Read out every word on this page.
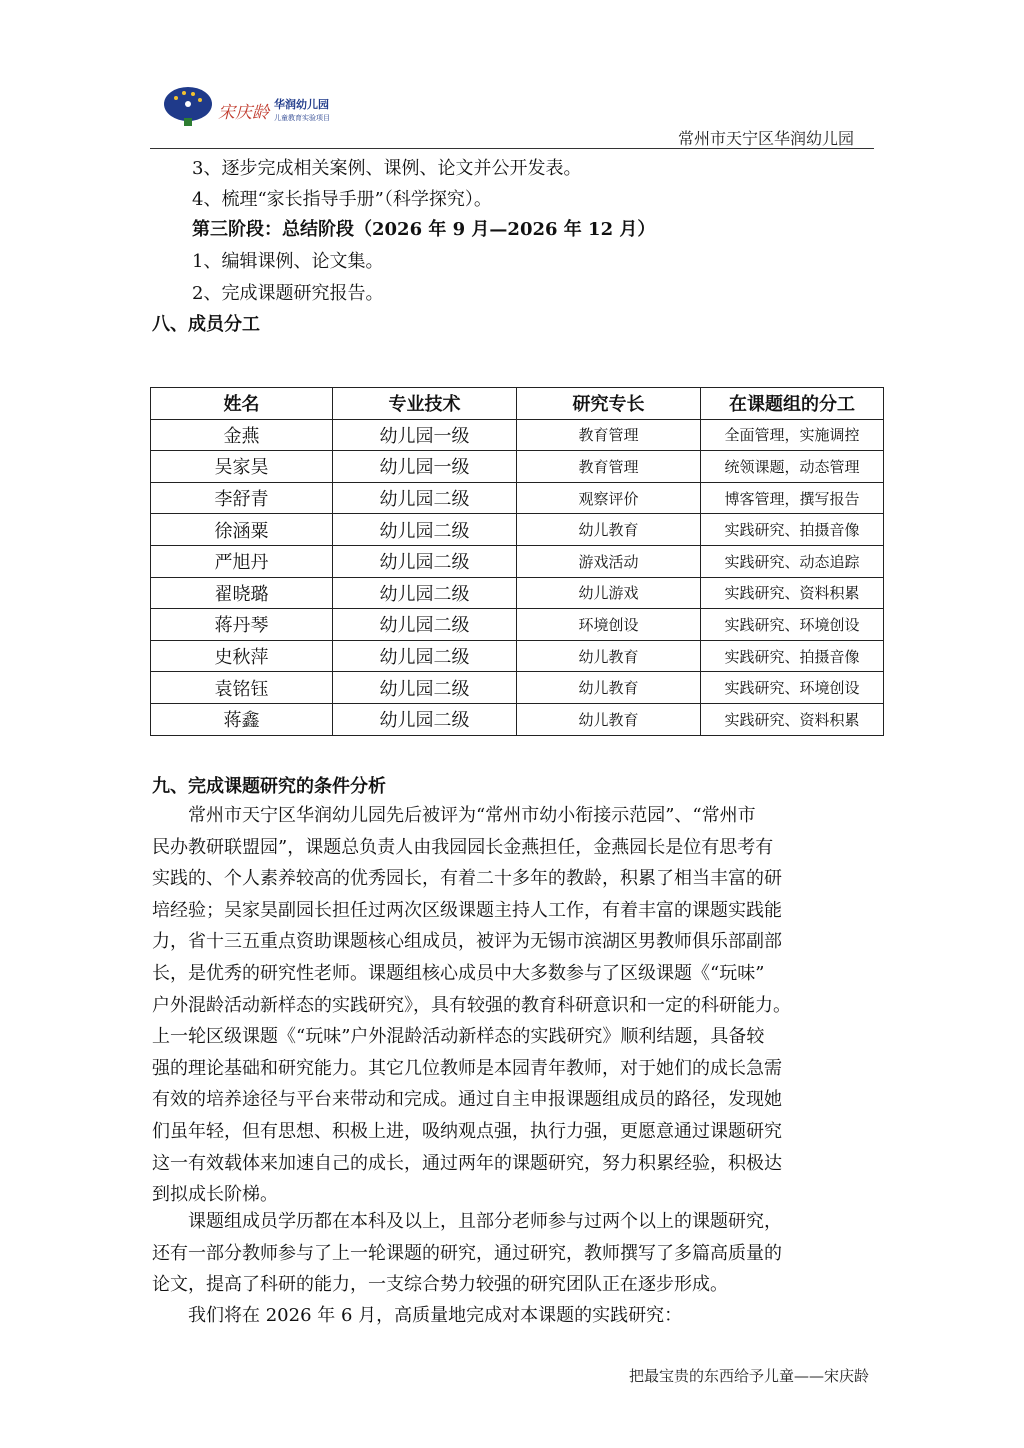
宋庆龄 华润幼儿园
儿童教育实验项目
常州市天宁区华润幼儿园
3、逐步完成相关案例、课例、论文并公开发表。
4、梳理“家长指导手册”（科学探究）。
第三阶段：总结阶段（2026 年 9 月—2026 年 12 月）
1、编辑课例、论文集。
2、完成课题研究报告。
八、成员分工
姓名	专业技术	研究专长	在课题组的分工
金燕	幼儿园一级	教育管理	全面管理，实施调控
吴家昊	幼儿园一级	教育管理	统领课题，动态管理
李舒青	幼儿园二级	观察评价	博客管理，撰写报告
徐涵粟	幼儿园二级	幼儿教育	实践研究、拍摄音像
严旭丹	幼儿园二级	游戏活动	实践研究、动态追踪
翟晓璐	幼儿园二级	幼儿游戏	实践研究、资料积累
蒋丹琴	幼儿园二级	环境创设	实践研究、环境创设
史秋萍	幼儿园二级	幼儿教育	实践研究、拍摄音像
袁铭钰	幼儿园二级	幼儿教育	实践研究、环境创设
蒋鑫	幼儿园二级	幼儿教育	实践研究、资料积累
九、完成课题研究的条件分析
常州市天宁区华润幼儿园先后被评为“常州市幼小衔接示范园”、“常州市
民办教研联盟园”，课题总负责人由我园园长金燕担任，金燕园长是位有思考有
实践的、个人素养较高的优秀园长，有着二十多年的教龄，积累了相当丰富的研
培经验；吴家昊副园长担任过两次区级课题主持人工作，有着丰富的课题实践能
力，省十三五重点资助课题核心组成员，被评为无锡市滨湖区男教师俱乐部副部
长，是优秀的研究性老师。课题组核心成员中大多数参与了区级课题《“玩味”
户外混龄活动新样态的实践研究》，具有较强的教育科研意识和一定的科研能力。
上一轮区级课题《“玩味”户外混龄活动新样态的实践研究》顺利结题，具备较
强的理论基础和研究能力。其它几位教师是本园青年教师，对于她们的成长急需
有效的培养途径与平台来带动和完成。通过自主申报课题组成员的路径，发现她
们虽年轻，但有思想、积极上进，吸纳观点强，执行力强，更愿意通过课题研究
这一有效载体来加速自己的成长，通过两年的课题研究，努力积累经验，积极达
到拟成长阶梯。
课题组成员学历都在本科及以上，且部分老师参与过两个以上的课题研究，
还有一部分教师参与了上一轮课题的研究，通过研究，教师撰写了多篇高质量的
论文，提高了科研的能力，一支综合势力较强的研究团队正在逐步形成。
我们将在 2026 年 6 月，高质量地完成对本课题的实践研究：
把最宝贵的东西给予儿童——宋庆龄
